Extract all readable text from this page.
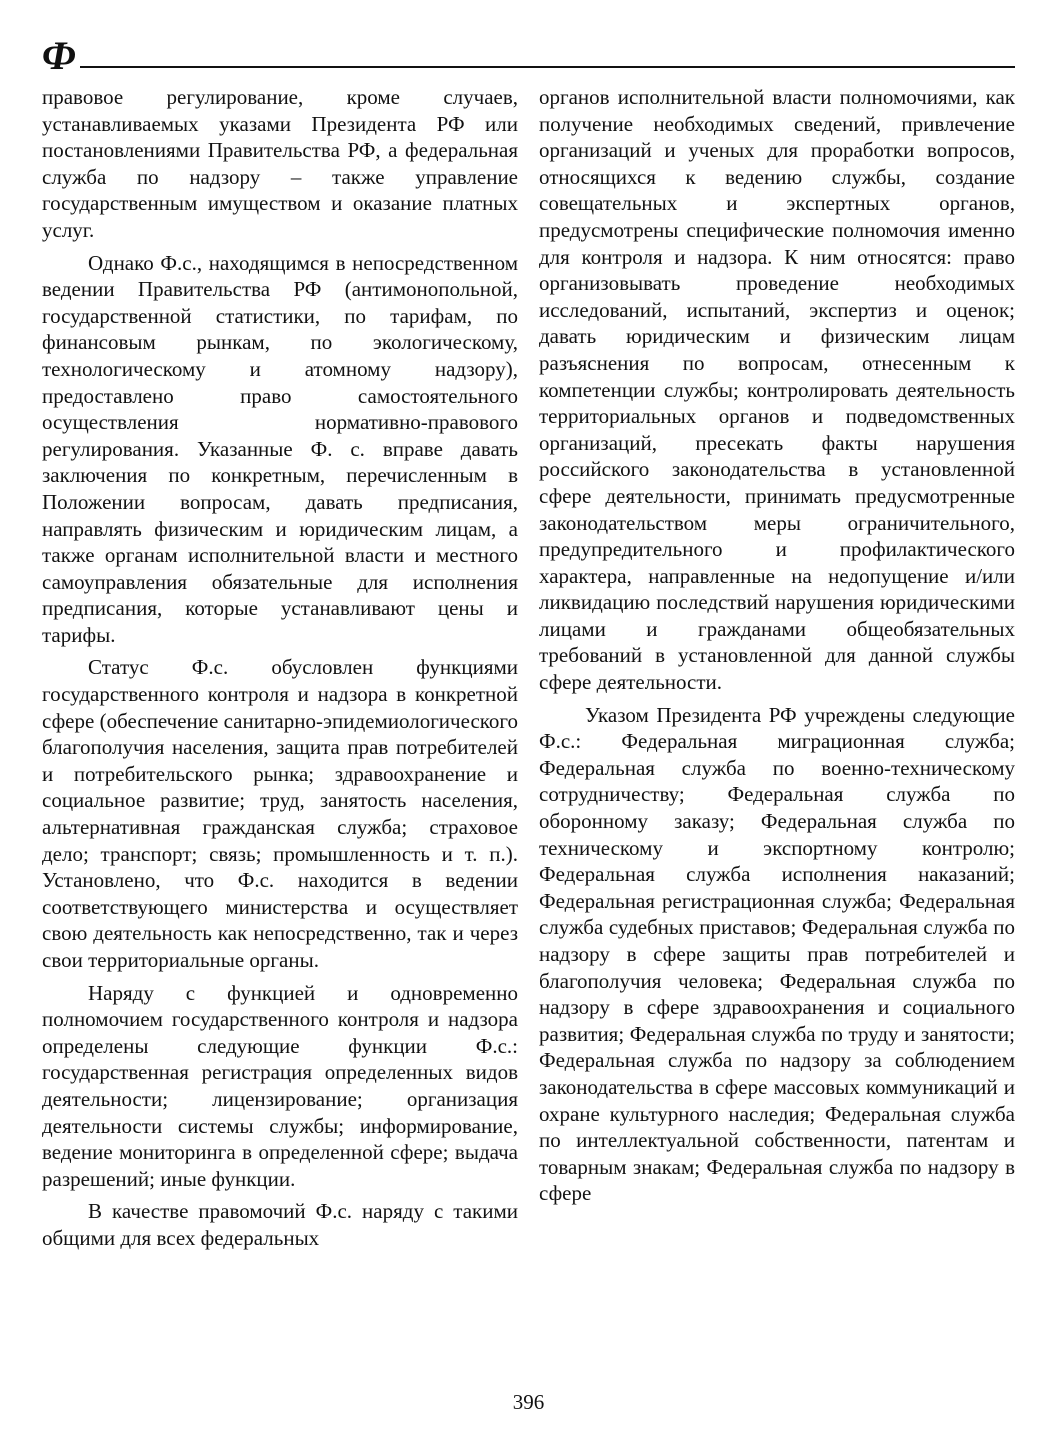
Ф

правовое регулирование, кроме случаев, устанавливаемых указами Президента РФ или постановлениями Правительства РФ, а федеральная служба по надзору – также управление государственным имуществом и оказание платных услуг.

Однако Ф.с., находящимся в непосредственном ведении Правительства РФ (антимонопольной, государственной статистики, по тарифам, по финансовым рынкам, по экологическому, технологическому и атомному надзору), предоставлено право самостоятельного осуществления нормативно-правового регулирования. Указанные Ф. с. вправе давать заключения по конкретным, перечисленным в Положении вопросам, давать предписания, направлять физическим и юридическим лицам, а также органам исполнительной власти и местного самоуправления обязательные для исполнения предписания, которые устанавливают цены и тарифы.

Статус Ф.с. обусловлен функциями государственного контроля и надзора в конкретной сфере (обеспечение санитарно-эпидемиологического благополучия населения, защита прав потребителей и потребительского рынка; здравоохранение и социальное развитие; труд, занятость населения, альтернативная гражданская служба; страховое дело; транспорт; связь; промышленность и т. п.). Установлено, что Ф.с. находится в ведении соответствующего министерства и осуществляет свою деятельность как непосредственно, так и через свои территориальные органы.

Наряду с функцией и одновременно полномочием государственного контроля и надзора определены следующие функции Ф.с.: государственная регистрация определенных видов деятельности; лицензирование; организация деятельности системы службы; информирование, ведение мониторинга в определенной сфере; выдача разрешений; иные функции.

В качестве правомочий Ф.с. наряду с такими общими для всех федеральных

органов исполнительной власти полномочиями, как получение необходимых сведений, привлечение организаций и ученых для проработки вопросов, относящихся к ведению службы, создание совещательных и экспертных органов, предусмотрены специфические полномочия именно для контроля и надзора. К ним относятся: право организовывать проведение необходимых исследований, испытаний, экспертиз и оценок; давать юридическим и физическим лицам разъяснения по вопросам, отнесенным к компетенции службы; контролировать деятельность территориальных органов и подведомственных организаций, пресекать факты нарушения российского законодательства в установленной сфере деятельности, принимать предусмотренные законодательством меры ограничительного, предупредительного и профилактического характера, направленные на недопущение и/или ликвидацию последствий нарушения юридическими лицами и гражданами общеобязательных требований в установленной для данной службы сфере деятельности.

Указом Президента РФ учреждены следующие Ф.с.: Федеральная миграционная служба; Федеральная служба по военно-техническому сотрудничеству; Федеральная служба по оборонному заказу; Федеральная служба по техническому и экспортному контролю; Федеральная служба исполнения наказаний; Федеральная регистрационная служба; Федеральная служба судебных приставов; Федеральная служба по надзору в сфере защиты прав потребителей и благополучия человека; Федеральная служба по надзору в сфере здравоохранения и социального развития; Федеральная служба по труду и занятости; Федеральная служба по надзору за соблюдением законодательства в сфере массовых коммуникаций и охране культурного наследия; Федеральная служба по интеллектуальной собственности, патентам и товарным знакам; Федеральная служба по надзору в сфере

396
